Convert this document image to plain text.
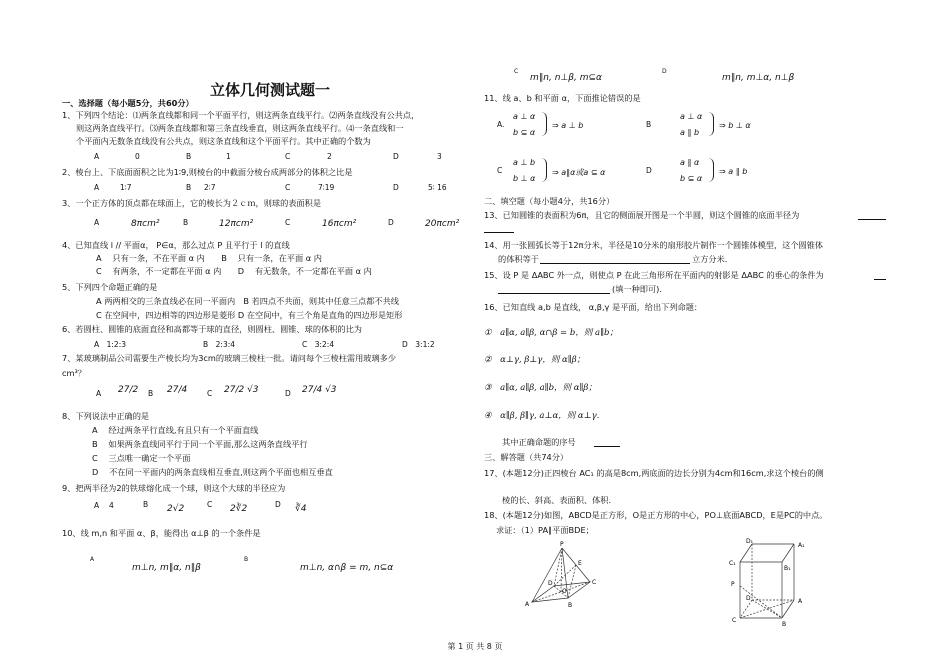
立体几何测试题一
一、选择题（每小题5分，共60分）
1、下列四个结论：⑴两条直线都和同一个平面平行，则这两条直线平行。⑵两条直线没有公共点，
则这两条直线平行。⑶两条直线都和第三条直线垂直，则这两条直线平行。⑷一条直线和一
个平面内无数条直线没有公共点，则这条直线和这个平面平行。其中正确的个数为
A	0	B	1	C	2	D	3
2、棱台上、下底面面积之比为1∶9,则棱台的中截面分棱台成两部分的体积之比是
A	1∶7	B 2∶7	C	7∶19	D	5∶ 16
3、一个正方体的顶点都在球面上，它的棱长为２ｃｍ，则球的表面积是
A	8πcm²	B	12πcm²	C	16πcm²	D	20πcm²
4、已知直线 l // 平面α， P∈α，那么过点 P 且平行于 l 的直线
A　 只有一条，不在平面 α 内　　B　 只有一条，在平面 α 内
C　 有两条，不一定都在平面 α 内　　D　 有无数条，不一定都在平面 α 内
5、下列四个命题正确的是
A 两两相交的三条直线必在同一平面内　B 若四点不共面，则其中任意三点都不共线
C 在空间中，四边相等的四边形是菱形 D 在空间中，有三个角是直角的四边形是矩形
6、若圆柱、圆锥的底面直径和高都等于球的直径，则圆柱、圆锥、球的体积的比为
A　1:2:3	B　2:3:4	C　3:2:4	D　3:1:2
7、某玻璃制品公司需要生产棱长均为3cm的玻璃三棱柱一批。请问每个三棱柱需用玻璃多少
cm³？
A 27/2 B 27/4	C 27/2 √3	D 27/4 √3
8、下列说法中正确的是
A　 经过两条平行直线,有且只有一个平面直线
B　 如果两条直线同平行于同一个平面,那么这两条直线平行
C　 三点唯一确定一个平面
D　 不在同一平面内的两条直线相互垂直,则这两个平面也相互垂直
9、把两半径为2的铁球熔化成一个球，则这个大球的半径应为
A　 4	B 2√2	C 2∛2	D ∛4
10、线 m,n 和平面 α、β，能得出 α⊥β 的一个条件是
A
m⊥n, m∥α, n∥β
B
m⊥n, α∩β = m, n⊆α
C
m∥n, n⊥β, m⊆α
D
m∥n, m⊥α, n⊥β
11、线 a、b 和平面 α，下面推论错误的是
A.
a ⊥ α
b ⊆ α
⇒ a ⊥ b	B
a ⊥ α
a ∥ b
⇒ b ⊥ α
C
a ⊥ b
b ⊥ α
⇒ a∥α或a ⊆ α	D
a ∥ α
b ⊆ α
⇒ a ∥ b
二、填空题（每小题4分，共16分）
13、已知圆锥的表面积为6π，且它的侧面展开图是一个半圆，则这个圆锥的底面半径为
14、用一张圆弧长等于12π分米，半径是10分米的扇形胶片制作一个圆锥体模型，这个圆锥体
的体积等于	立方分米.
15、设 P 是 ΔABC 外一点，则使点 P 在此三角形所在平面内的射影是 ΔABC 的垂心的条件为
(填一种即可).
16、已知直线 a,b 是直线， α,β,γ 是平面，给出下列命题：
①　a∥α, a∥β, α∩β = b，则 a∥b；
②　α⊥γ, β⊥γ，则 α∥β；
③　a∥α, a∥β, a∥b，则 α∥β；
④　α∥β, β∥γ, a⊥α，则 α⊥γ.
其中正确命题的序号
三、解答题（共74分）
17、(本题12分)正四棱台 AC₁ 的高是8cm,两底面的边长分别为4cm和16cm,求这个棱台的侧
棱的长、斜高、表面积、体积.
18、(本题12分)如图，ABCD是正方形，O是正方形的中心，PO⊥底面ABCD，E是PC的中点。
求证：（1）PA∥平面BDE；
P
E
D	C
O
A	B
D₁
A₁
C₁
B₁
P
D	A
C
B
第 1 页 共 8 页
